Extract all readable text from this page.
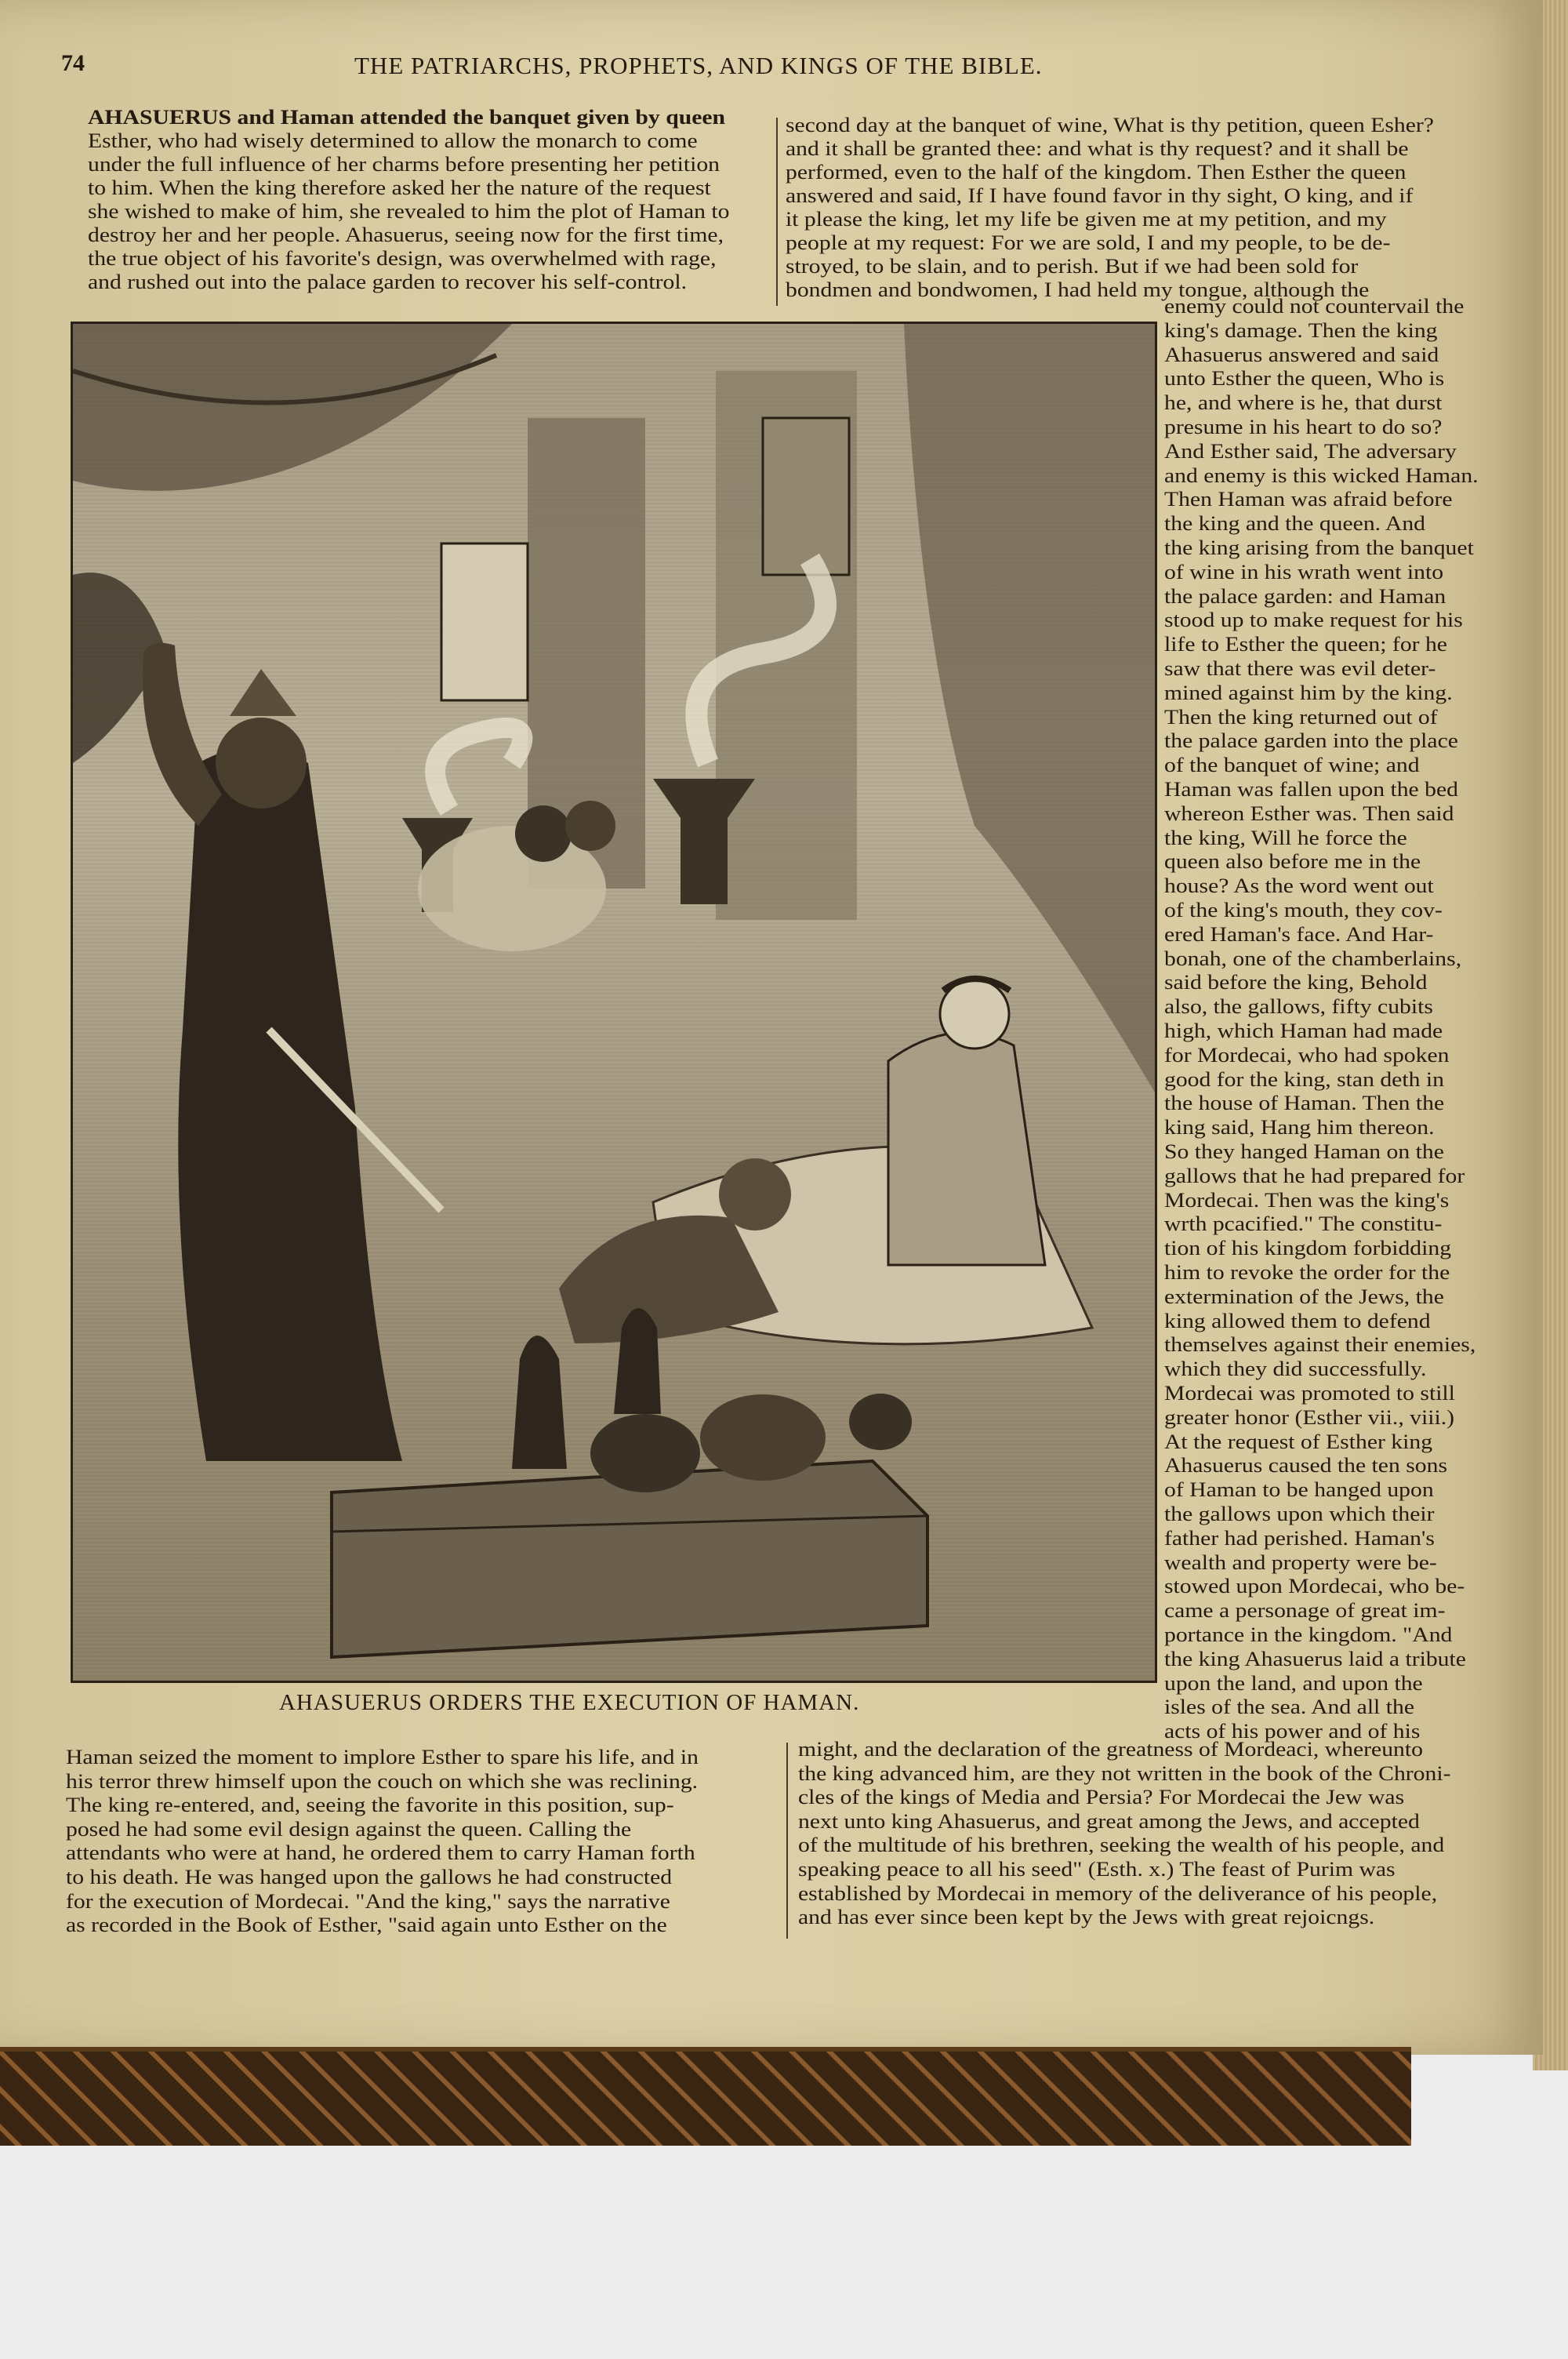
74	THE PATRIARCHS, PROPHETS, AND KINGS OF THE BIBLE.
AHASUERUS and Haman attended the banquet given by queen
Esther, who had wisely determined to allow the monarch to come
under the full influence of her charms before presenting her petition
to him. When the king therefore asked her the nature of the request
she wished to make of him, she revealed to him the plot of Haman to
destroy her and her people. Ahasuerus, seeing now for the first time,
the true object of his favorite's design, was overwhelmed with rage,
and rushed out into the palace garden to recover his self-control.
second day at the banquet of wine, What is thy petition, queen Esher?
and it shall be granted thee: and what is thy request? and it shall be
performed, even to the half of the kingdom. Then Esther the queen
answered and said, If I have found favor in thy sight, O king, and if
it please the king, let my life be given me at my petition, and my
people at my request: For we are sold, I and my people, to be de-
stroyed, to be slain, and to perish. But if we had been sold for
bondmen and bondwomen, I had held my tongue, although the
enemy could not countervail the
king's damage. Then the king
Ahasuerus answered and said
unto Esther the queen, Who is
he, and where is he, that durst
presume in his heart to do so?
And Esther said, The adversary
and enemy is this wicked Haman.
Then Haman was afraid before
the king and the queen. And
the king arising from the banquet
of wine in his wrath went into
the palace garden: and Haman
stood up to make request for his
life to Esther the queen; for he
saw that there was evil deter-
mined against him by the king.
Then the king returned out of
the palace garden into the place
of the banquet of wine; and
Haman was fallen upon the bed
whereon Esther was. Then said
the king, Will he force the
queen also before me in the
house? As the word went out
of the king's mouth, they cov-
ered Haman's face. And Har-
bonah, one of the chamberlains,
said before the king, Behold
also, the gallows, fifty cubits
high, which Haman had made
for Mordecai, who had spoken
good for the king, stan deth in
the house of Haman. Then the
king said, Hang him thereon.
So they hanged Haman on the
gallows that he had prepared for
Mordecai. Then was the king's
wrth pcacified." The constitu-
tion of his kingdom forbidding
him to revoke the order for the
extermination of the Jews, the
king allowed them to defend
themselves against their enemies,
which they did successfully.
Mordecai was promoted to still
greater honor (Esther vii., viii.)
At the request of Esther king
Ahasuerus caused the ten sons
of Haman to be hanged upon
the gallows upon which their
father had perished. Haman's
wealth and property were be-
stowed upon Mordecai, who be-
came a personage of great im-
portance in the kingdom. "And
the king Ahasuerus laid a tribute
upon the land, and upon the
isles of the sea. And all the
acts of his power and of his
Haman seized the moment to implore Esther to spare his life, and in
his terror threw himself upon the couch on which she was reclining.
The king re-entered, and, seeing the favorite in this position, sup-
posed he had some evil design against the queen. Calling the
attendants who were at hand, he ordered them to carry Haman forth
to his death. He was hanged upon the gallows he had constructed
for the execution of Mordecai. "And the king," says the narrative
as recorded in the Book of Esther, "said again unto Esther on the
might, and the declaration of the greatness of Mordeaci, whereunto
the king advanced him, are they not written in the book of the Chroni-
cles of the kings of Media and Persia? For Mordecai the Jew was
next unto king Ahasuerus, and great among the Jews, and accepted
of the multitude of his brethren, seeking the wealth of his people, and
speaking peace to all his seed" (Esth. x.) The feast of Purim was
established by Mordecai in memory of the deliverance of his people,
and has ever since been kept by the Jews with great rejoicngs.
AHASUERUS ORDERS THE EXECUTION OF HAMAN.
